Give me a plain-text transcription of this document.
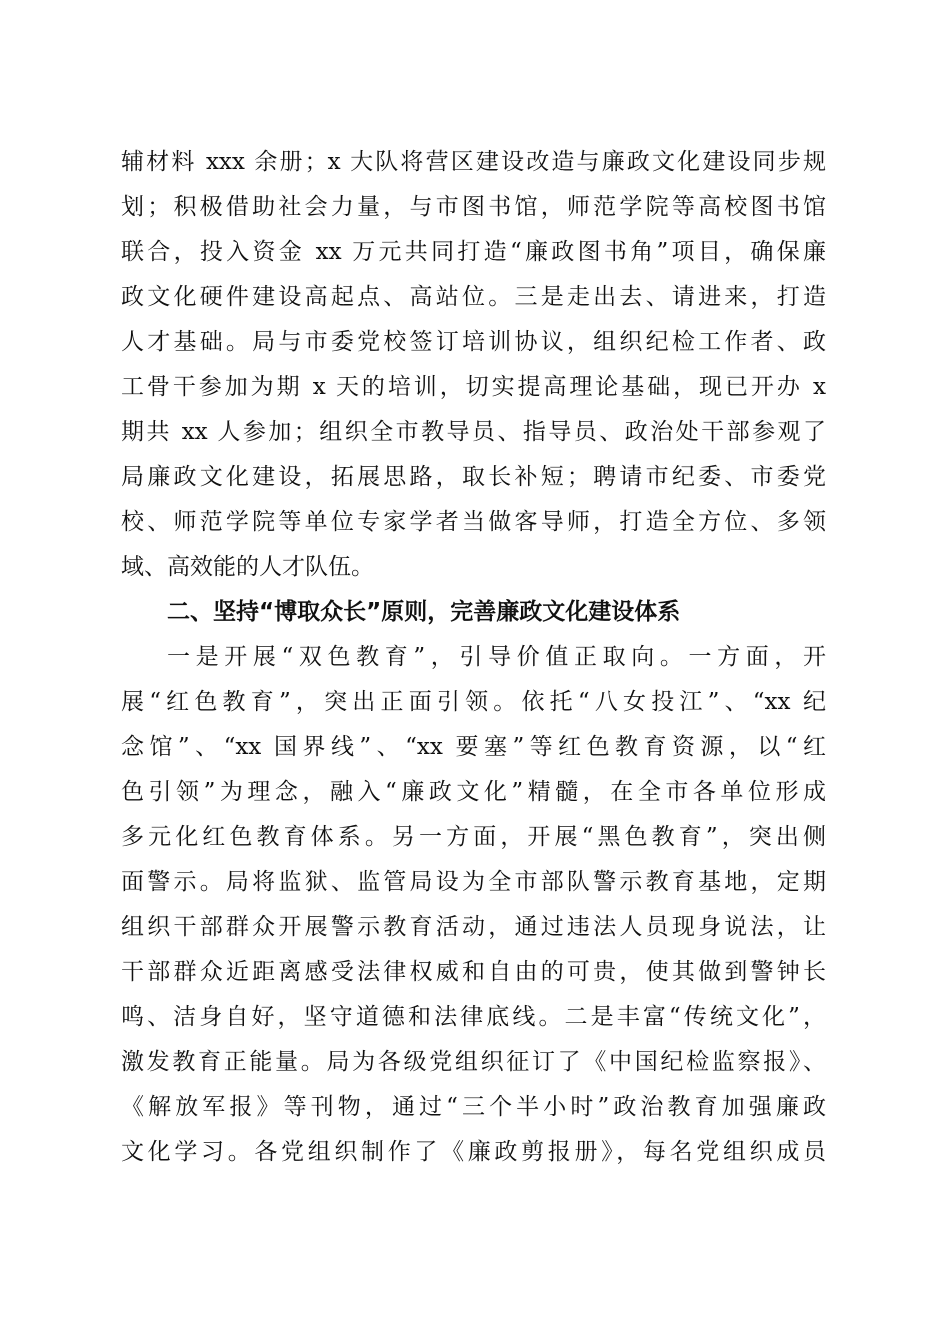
辅材料 xxx 余册；x 大队将营区建设改造与廉政文化建设同步规
划；积极借助社会力量，与市图书馆，师范学院等高校图书馆
联合，投入资金 xx 万元共同打造“廉政图书角”项目，确保廉
政文化硬件建设高起点、高站位。三是走出去、请进来，打造
人才基础。局与市委党校签订培训协议，组织纪检工作者、政
工骨干参加为期 x 天的培训，切实提高理论基础，现已开办 x
期共 xx 人参加；组织全市教导员、指导员、政治处干部参观了
局廉政文化建设，拓展思路，取长补短；聘请市纪委、市委党
校、师范学院等单位专家学者当做客导师，打造全方位、多领
域、高效能的人才队伍。
二、坚持“博取众长”原则，完善廉政文化建设体系
一是开展“双色教育”，引导价值正取向。一方面，开
展“红色教育”，突出正面引领。依托“八女投江”、“xx 纪
念馆”、“xx 国界线”、“xx 要塞”等红色教育资源，以“红
色引领”为理念，融入“廉政文化”精髓，在全市各单位形成
多元化红色教育体系。另一方面，开展“黑色教育”，突出侧
面警示。局将监狱、监管局设为全市部队警示教育基地，定期
组织干部群众开展警示教育活动，通过违法人员现身说法，让
干部群众近距离感受法律权威和自由的可贵，使其做到警钟长
鸣、洁身自好，坚守道德和法律底线。二是丰富“传统文化”，
激发教育正能量。局为各级党组织征订了《中国纪检监察报》、
《解放军报》等刊物，通过“三个半小时”政治教育加强廉政
文化学习。各党组织制作了《廉政剪报册》，每名党组织成员
